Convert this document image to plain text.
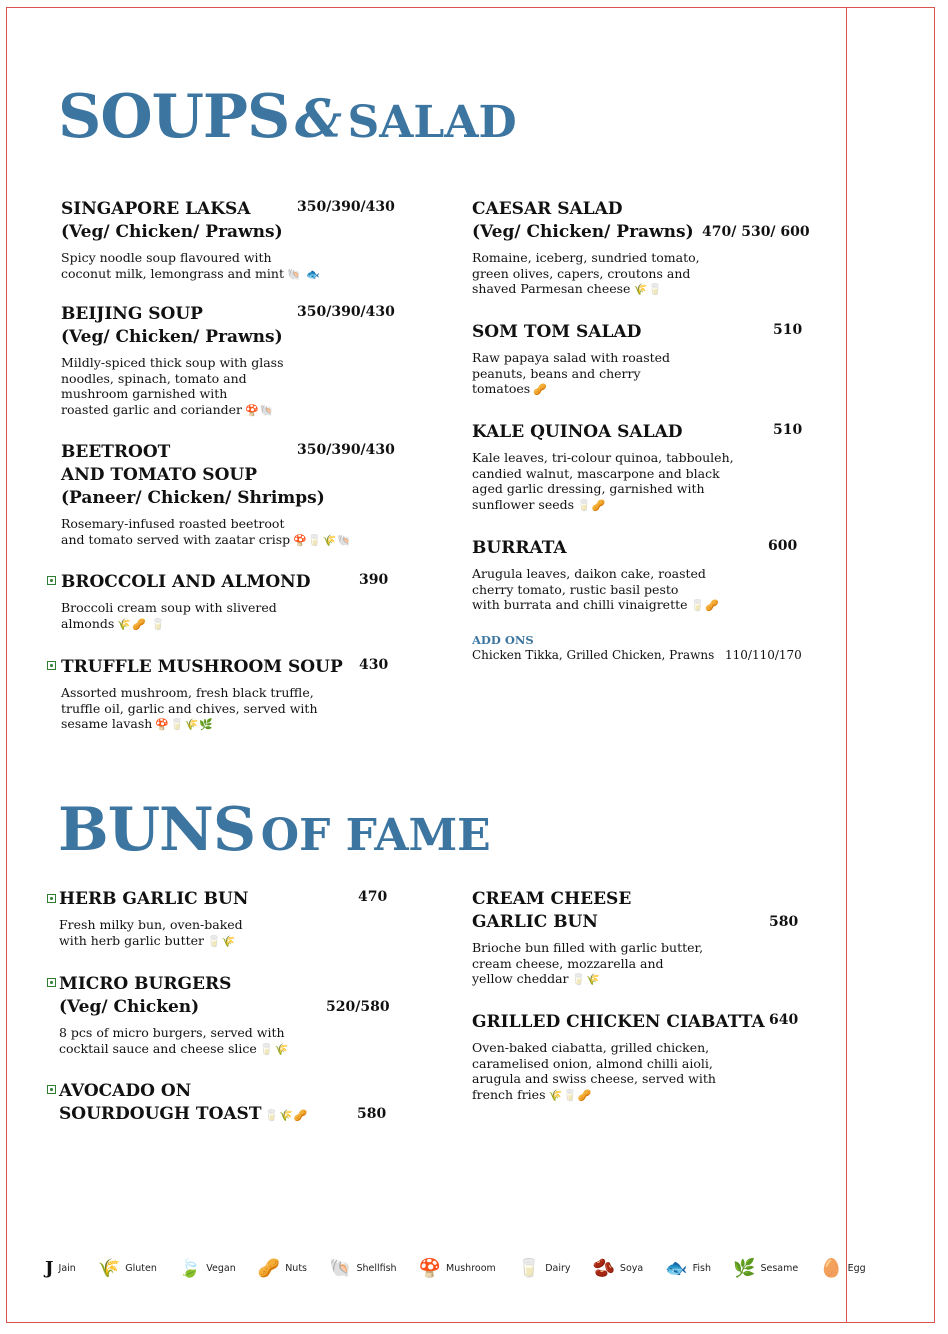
SOUPS & SALAD
SINGAPORE LAKSA
(Veg/ Chicken/ Prawns)
350/390/430
Spicy noodle soup flavoured with
coconut milk, lemongrass and mint 🐚 🐟
BEIJING SOUP
(Veg/ Chicken/ Prawns)
350/390/430
Mildly-spiced thick soup with glass
noodles, spinach, tomato and
mushroom garnished with
roasted garlic and coriander 🍄🐚
BEETROOT
AND TOMATO SOUP
(Paneer/ Chicken/ Shrimps)
350/390/430
Rosemary-infused roasted beetroot
and tomato served with zaatar crisp 🍄🥛🌾🐚
BROCCOLI AND ALMOND	390
Broccoli cream soup with slivered
almonds 🌾🥜 🥛
TRUFFLE MUSHROOM SOUP	430
Assorted mushroom, fresh black truffle,
truffle oil, garlic and chives, served with
sesame lavash 🍄🥛🌾🌿
CAESAR SALAD
(Veg/ Chicken/ Prawns) 470/ 530/ 600
Romaine, iceberg, sundried tomato,
green olives, capers, croutons and
shaved Parmesan cheese 🌾🥛
SOM TOM SALAD	510
Raw papaya salad with roasted
peanuts, beans and cherry
tomatoes 🥜
KALE QUINOA SALAD	510
Kale leaves, tri-colour quinoa, tabbouleh,
candied walnut, mascarpone and black
aged garlic dressing, garnished with
sunflower seeds 🥛🥜
BURRATA	600
Arugula leaves, daikon cake, roasted
cherry tomato, rustic basil pesto
with burrata and chilli vinaigrette 🥛🥜
ADD ONS
Chicken Tikka, Grilled Chicken, Prawns 110/110/170
BUNS OF FAME
HERB GARLIC BUN	470
Fresh milky bun, oven-baked
with herb garlic butter 🥛🌾
MICRO BURGERS
(Veg/ Chicken)	520/580
8 pcs of micro burgers, served with
cocktail sauce and cheese slice 🥛🌾
AVOCADO ON
SOURDOUGH TOAST 🥛🌾🥜	580
CREAM CHEESE
GARLIC BUN	580
Brioche bun filled with garlic butter,
cream cheese, mozzarella and
yellow cheddar 🥛🌾
GRILLED CHICKEN CIABATTA 640
Oven-baked ciabatta, grilled chicken,
caramelised onion, almond chilli aioli,
arugula and swiss cheese, served with
french fries 🌾🥛🥜
J Jain 🌾 Gluten 🍃 Vegan 🥜 Nuts 🐚 Shellfish 🍄 Mushroom 🥛 Dairy 🫘 Soya 🐟 Fish 🌿 Sesame 🥚 Egg
